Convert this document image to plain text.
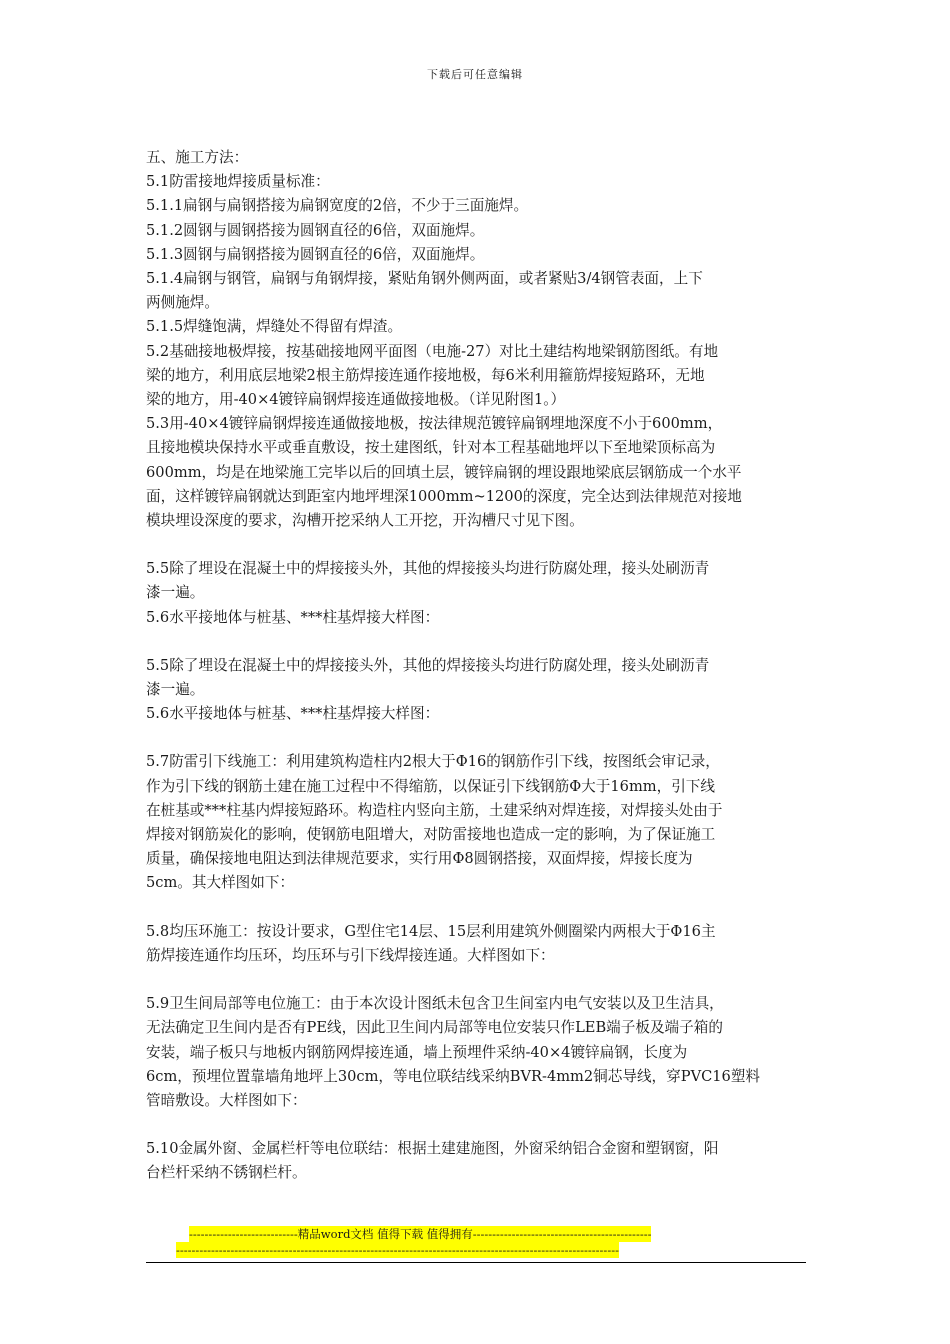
下载后可任意编辑

五、施工方法：

5.1防雷接地焊接质量标准：

5.1.1扁钢与扁钢搭接为扁钢宽度的2倍，不少于三面施焊。

5.1.2圆钢与圆钢搭接为圆钢直径的6倍，双面施焊。

5.1.3圆钢与扁钢搭接为圆钢直径的6倍，双面施焊。

5.1.4扁钢与钢管，扁钢与角钢焊接，紧贴角钢外侧两面，或者紧贴3/4钢管表面，上下

两侧施焊。

5.1.5焊缝饱满，焊缝处不得留有焊渣。

5.2基础接地极焊接，按基础接地网平面图（电施-27）对比土建结构地梁钢筋图纸。有地

梁的地方，利用底层地梁2根主筋焊接连通作接地极，每6米利用箍筋焊接短路环，无地

梁的地方，用-40×4镀锌扁钢焊接连通做接地极。（详见附图1。）

5.3用-40×4镀锌扁钢焊接连通做接地极，按法律规范镀锌扁钢埋地深度不小于600mm，

且接地模块保持水平或垂直敷设，按土建图纸，针对本工程基础地坪以下至地梁顶标高为

600mm，均是在地梁施工完毕以后的回填土层，镀锌扁钢的埋设跟地梁底层钢筋成一个水平

面，这样镀锌扁钢就达到距室内地坪埋深1000mm~1200的深度，完全达到法律规范对接地

模块埋设深度的要求，沟槽开挖采纳人工开挖，开沟槽尺寸见下图。

5.5除了埋设在混凝土中的焊接接头外，其他的焊接接头均进行防腐处理，接头处刷沥青

漆一遍。

5.6水平接地体与桩基、***柱基焊接大样图：

5.5除了埋设在混凝土中的焊接接头外，其他的焊接接头均进行防腐处理，接头处刷沥青

漆一遍。

5.6水平接地体与桩基、***柱基焊接大样图：

5.7防雷引下线施工：利用建筑构造柱内2根大于Φ16的钢筋作引下线，按图纸会审记录，

作为引下线的钢筋土建在施工过程中不得缩筋，以保证引下线钢筋Φ大于16mm，引下线

在桩基或***柱基内焊接短路环。构造柱内竖向主筋，土建采纳对焊连接，对焊接头处由于

焊接对钢筋炭化的影响，使钢筋电阻增大，对防雷接地也造成一定的影响，为了保证施工

质量，确保接地电阻达到法律规范要求，实行用Φ8圆钢搭接，双面焊接，焊接长度为

5cm。其大样图如下：

5.8均压环施工：按设计要求，G型住宅14层、15层利用建筑外侧圈梁内两根大于Φ16主

筋焊接连通作均压环，均压环与引下线焊接连通。大样图如下：

5.9卫生间局部等电位施工：由于本次设计图纸未包含卫生间室内电气安装以及卫生洁具，

无法确定卫生间内是否有PE线，因此卫生间内局部等电位安装只作LEB端子板及端子箱的

安装，端子板只与地板内钢筋网焊接连通，墙上预埋件采纳-40×4镀锌扁钢，长度为

6cm，预埋位置靠墙角地坪上30cm，等电位联结线采纳BVR-4mm2铜芯导线，穿PVC16塑料

管暗敷设。大样图如下：

5.10金属外窗、金属栏杆等电位联结：根据土建建施图，外窗采纳铝合金窗和塑钢窗，阳

台栏杆采纳不锈钢栏杆。

----------------------------精品word文档 值得下载 值得拥有----------------------------------------------
------------------------------------------------------------------------------------------------------------------
